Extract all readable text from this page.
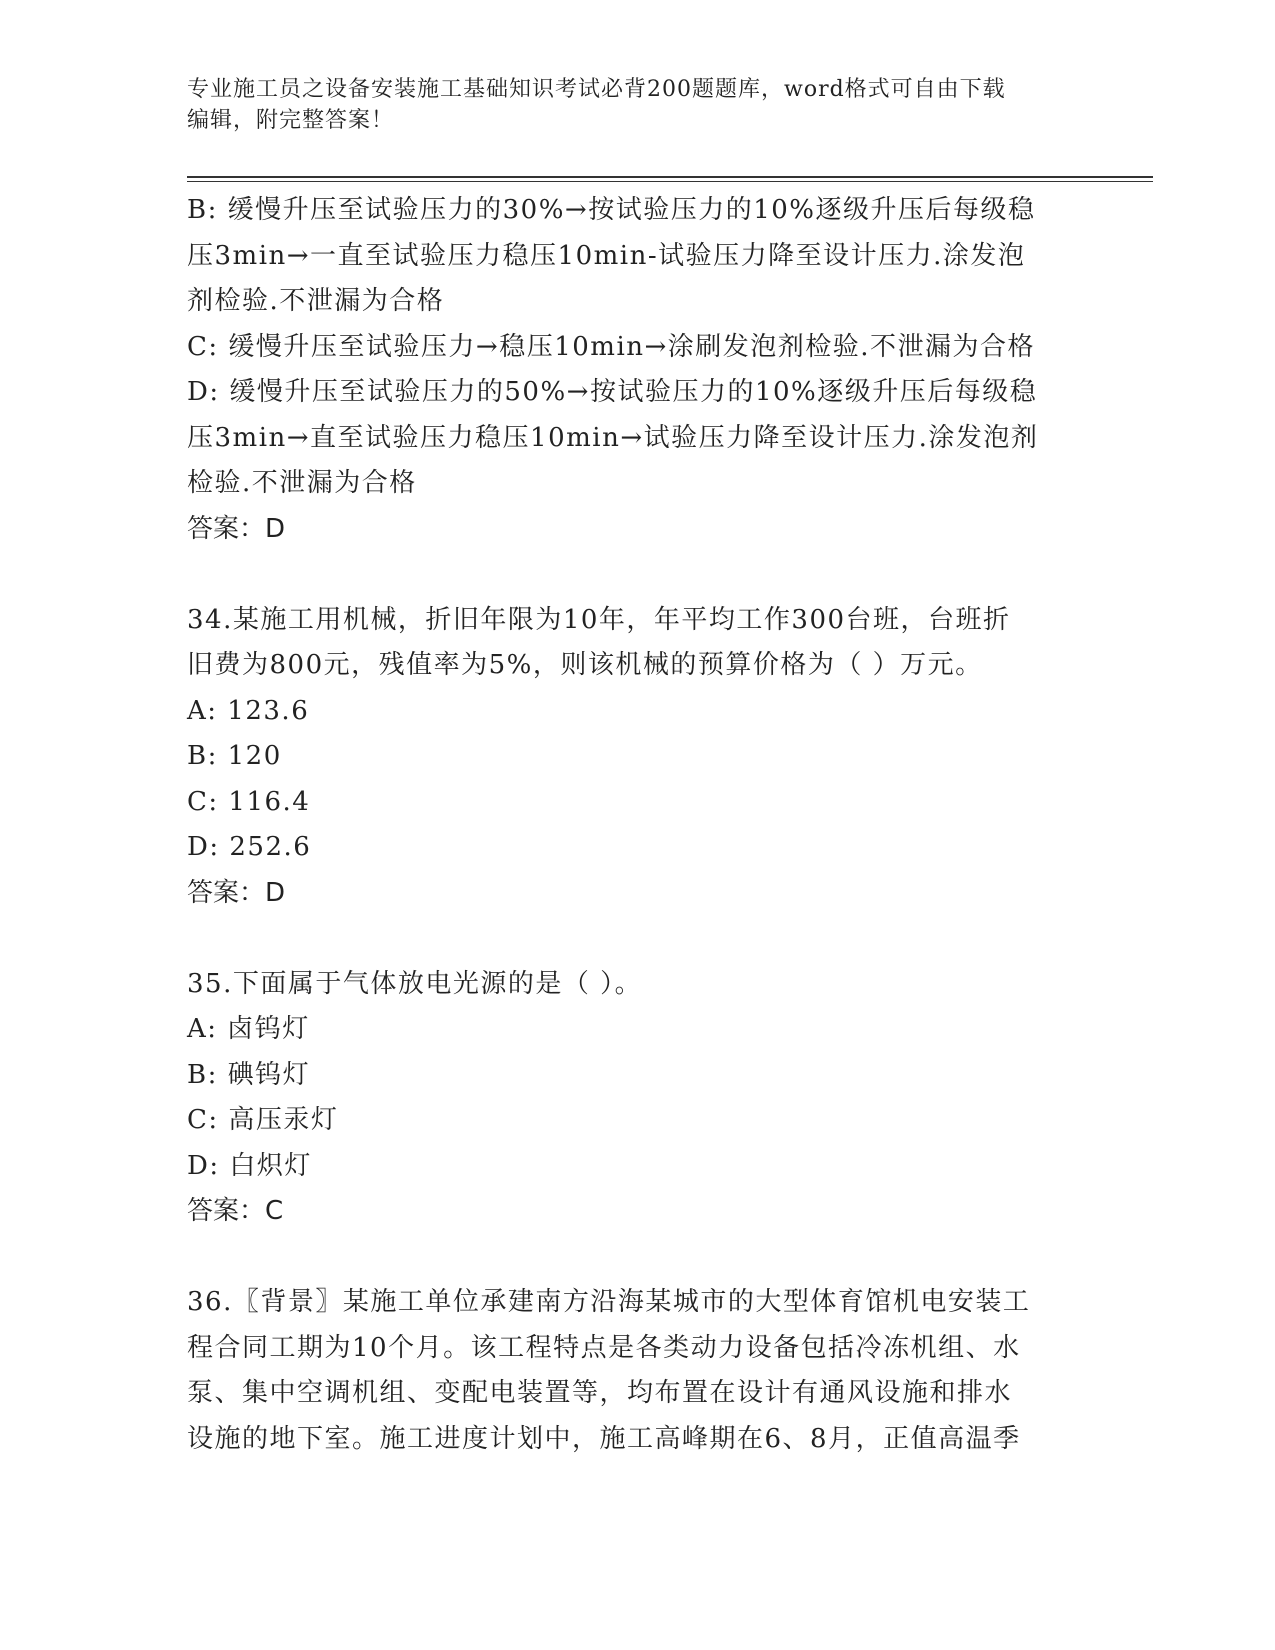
专业施工员之设备安装施工基础知识考试必背200题题库，word格式可自由下载
编辑，附完整答案！
B: 缓慢升压至试验压力的30%→按试验压力的10%逐级升压后每级稳
压3min→一直至试验压力稳压10min-试验压力降至设计压力.涂发泡
剂检验.不泄漏为合格
C: 缓慢升压至试验压力→稳压10min→涂刷发泡剂检验.不泄漏为合格
D: 缓慢升压至试验压力的50%→按试验压力的10%逐级升压后每级稳
压3min→直至试验压力稳压10min→试验压力降至设计压力.涂发泡剂
检验.不泄漏为合格
答案：D
34.某施工用机械，折旧年限为10年，年平均工作300台班，台班折
旧费为800元，残值率为5%，则该机械的预算价格为（ ）万元。
A: 123.6
B: 120
C: 116.4
D: 252.6
答案：D
35.下面属于气体放电光源的是（ ）。
A: 卤钨灯
B: 碘钨灯
C: 高压汞灯
D: 白炽灯
答案：C
36.〖背景〗某施工单位承建南方沿海某城市的大型体育馆机电安装工
程合同工期为10个月。该工程特点是各类动力设备包括冷冻机组、水
泵、集中空调机组、变配电装置等，均布置在设计有通风设施和排水
设施的地下室。施工进度计划中，施工高峰期在6、8月，正值高温季
